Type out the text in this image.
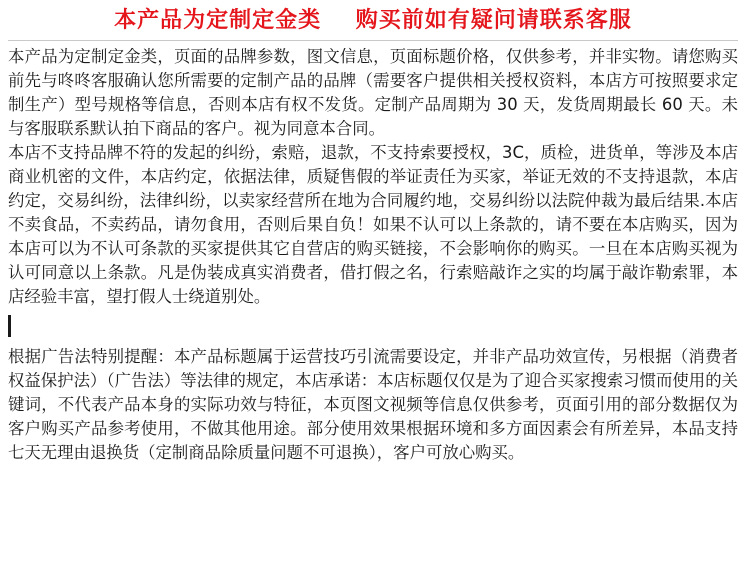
本产品为定制定金类    购买前如有疑问请联系客服

本产品为定制定金类，页面的品牌参数，图文信息，页面标题价格，仅供参考，并非实物。请您购买前先与咚咚客服确认您所需要的定制产品的品牌（需要客户提供相关授权资料，本店方可按照要求定制生产）型号规格等信息，否则本店有权不发货。定制产品周期为 30 天，发货周期最长 60 天。未与客服联系默认拍下商品的客户。视为同意本合同。

本店不支持品牌不符的发起的纠纷，索赔，退款，不支持索要授权，3C，质检，进货单，等涉及本店商业机密的文件，本店约定，依据法律，质疑售假的举证责任为买家，举证无效的不支持退款，本店约定，交易纠纷，法律纠纷，以卖家经营所在地为合同履约地，交易纠纷以法院仲裁为最后结果.本店不卖食品，不卖药品，请勿食用，否则后果自负！如果不认可以上条款的，请不要在本店购买，因为本店可以为不认可条款的买家提供其它自营店的购买链接，不会影响你的购买。一旦在本店购买视为认可同意以上条款。凡是伪装成真实消费者，借打假之名，行索赔敲诈之实的均属于敲诈勒索罪，本店经验丰富，望打假人士绕道别处。

根据广告法特别提醒：本产品标题属于运营技巧引流需要设定，并非产品功效宣传，另根据（消费者权益保护法）（广告法）等法律的规定，本店承诺：本店标题仅仅是为了迎合买家搜索习惯而使用的关键词，不代表产品本身的实际功效与特征，本页图文视频等信息仅供参考，页面引用的部分数据仅为客户购买产品参考使用，不做其他用途。部分使用效果根据环境和多方面因素会有所差异，本品支持七天无理由退换货（定制商品除质量问题不可退换），客户可放心购买。
